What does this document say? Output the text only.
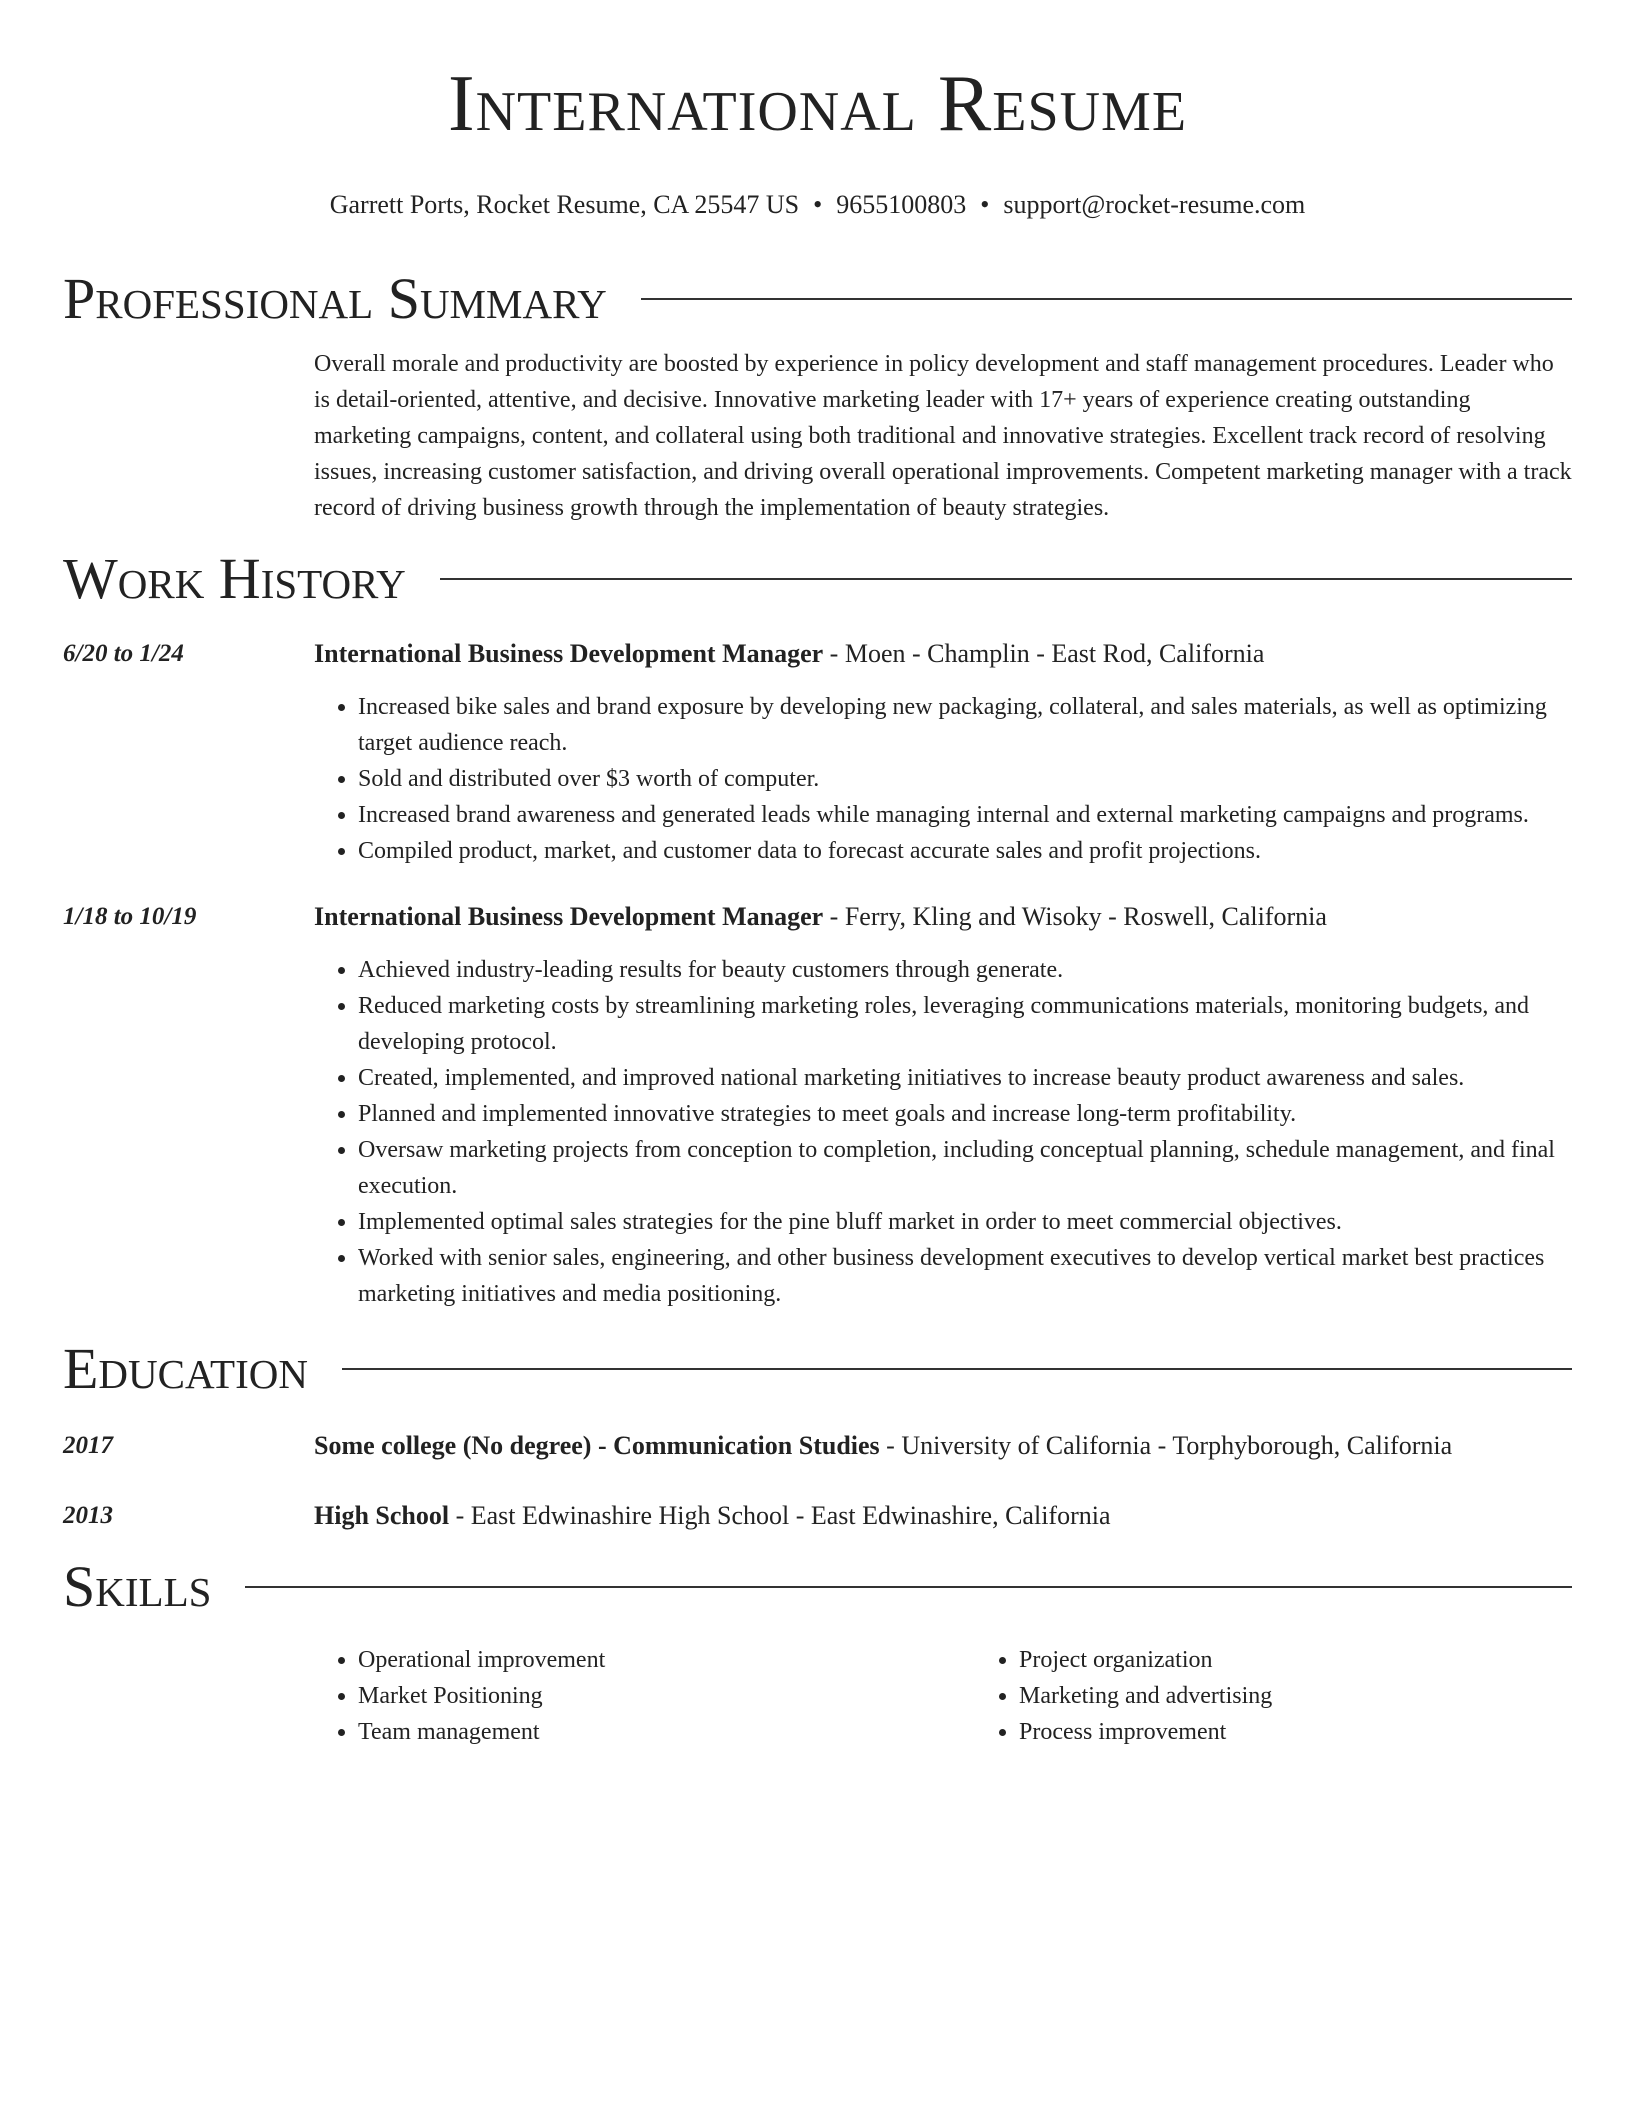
International Resume
Garrett Ports, Rocket Resume, CA 25547 US • 9655100803 • support@rocket-resume.com
Professional Summary
Overall morale and productivity are boosted by experience in policy development and staff management procedures. Leader who is detail-oriented, attentive, and decisive. Innovative marketing leader with 17+ years of experience creating outstanding marketing campaigns, content, and collateral using both traditional and innovative strategies. Excellent track record of resolving issues, increasing customer satisfaction, and driving overall operational improvements. Competent marketing manager with a track record of driving business growth through the implementation of beauty strategies.
Work History
6/20 to 1/24	International Business Development Manager - Moen - Champlin - East Rod, California
• Increased bike sales and brand exposure by developing new packaging, collateral, and sales materials, as well as optimizing target audience reach.
• Sold and distributed over $3 worth of computer.
• Increased brand awareness and generated leads while managing internal and external marketing campaigns and programs.
• Compiled product, market, and customer data to forecast accurate sales and profit projections.
1/18 to 10/19	International Business Development Manager - Ferry, Kling and Wisoky - Roswell, California
• Achieved industry-leading results for beauty customers through generate.
• Reduced marketing costs by streamlining marketing roles, leveraging communications materials, monitoring budgets, and developing protocol.
• Created, implemented, and improved national marketing initiatives to increase beauty product awareness and sales.
• Planned and implemented innovative strategies to meet goals and increase long-term profitability.
• Oversaw marketing projects from conception to completion, including conceptual planning, schedule management, and final execution.
• Implemented optimal sales strategies for the pine bluff market in order to meet commercial objectives.
• Worked with senior sales, engineering, and other business development executives to develop vertical market best practices marketing initiatives and media positioning.
Education
2017	Some college (No degree) - Communication Studies - University of California - Torphyborough, California
2013	High School - East Edwinashire High School - East Edwinashire, California
Skills
• Operational improvement
• Market Positioning
• Team management
• Project organization
• Marketing and advertising
• Process improvement
